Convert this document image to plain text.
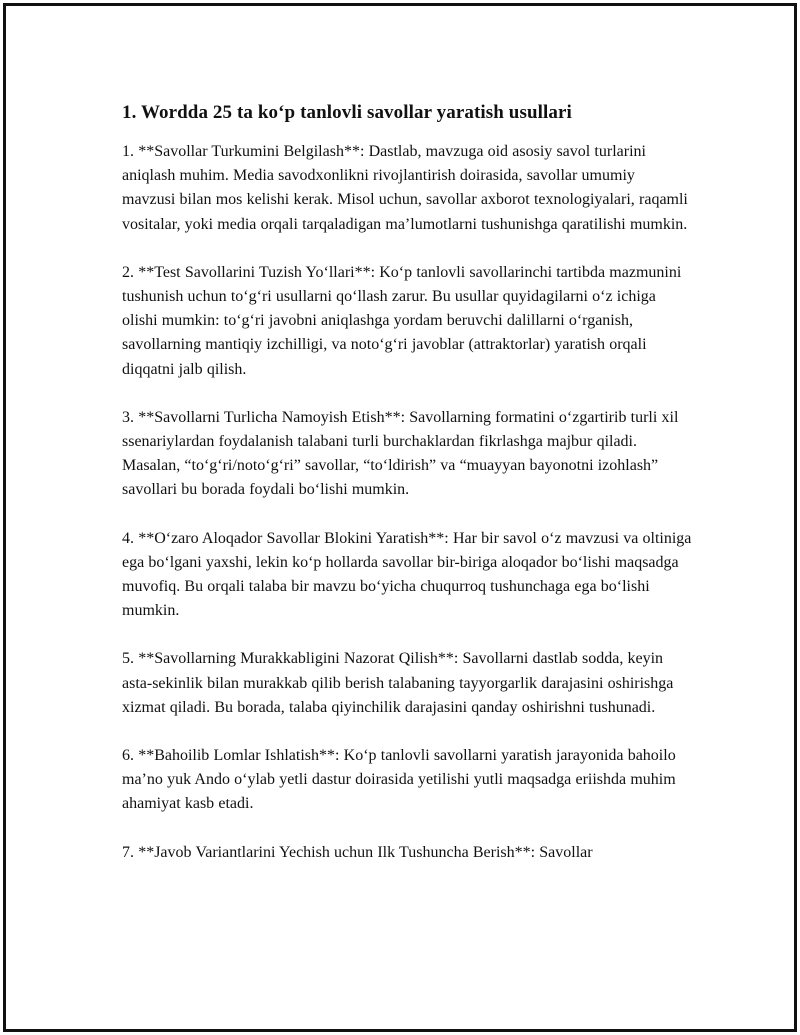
1. Wordda 25 ta ko‘p tanlovli savollar yaratish usullari

1. **Savollar Turkumini Belgilash**: Dastlab, mavzuga oid asosiy savol turlarini aniqlash muhim. Media savodxonlikni rivojlantirish doirasida, savollar umumiy mavzusi bilan mos kelishi kerak. Misol uchun, savollar axborot texnologiyalari, raqamli vositalar, yoki media orqali tarqaladigan ma’lumotlarni tushunishga qaratilishi mumkin.

2. **Test Savollarini Tuzish Yo‘llari**: Ko‘p tanlovli savollarinchi tartibda mazmunini tushunish uchun to‘g‘ri usullarni qo‘llash zarur. Bu usullar quyidagilarni o‘z ichiga olishi mumkin: to‘g‘ri javobni aniqlashga yordam beruvchi dalillarni o‘rganish, savollarning mantiqiy izchilligi, va noto‘g‘ri javoblar (attraktorlar) yaratish orqali diqqatni jalb qilish.

3. **Savollarni Turlicha Namoyish Etish**: Savollarning formatini o‘zgartirib turli xil ssenariylardan foydalanish talabani turli burchaklardan fikrlashga majbur qiladi. Masalan, “to‘g‘ri/noto‘g‘ri” savollar, “to‘ldirish” va “muayyan bayonotni izohlash” savollari bu borada foydali bo‘lishi mumkin.

4. **O‘zaro Aloqador Savollar Blokini Yaratish**: Har bir savol o‘z mavzusi va oltiniga ega bo‘lgani yaxshi, lekin ko‘p hollarda savollar bir-biriga aloqador bo‘lishi maqsadga muvofiq. Bu orqali talaba bir mavzu bo‘yicha chuqurroq tushunchaga ega bo‘lishi mumkin.

5. **Savollarning Murakkabligini Nazorat Qilish**: Savollarni dastlab sodda, keyin asta-sekinlik bilan murakkab qilib berish talabaning tayyorgarlik darajasini oshirishga xizmat qiladi. Bu borada, talaba qiyinchilik darajasini qanday oshirishni tushunadi.

6. **Bahoilib Lomlar Ishlatish**: Ko‘p tanlovli savollarni yaratish jarayonida bahoilo ma’no yuk Ando o‘ylab yetli dastur doirasida yetilishi yutli maqsadga eriishda muhim ahamiyat kasb etadi.

7. **Javob Variantlarini Yechish uchun Ilk Tushuncha Berish**: Savollar
